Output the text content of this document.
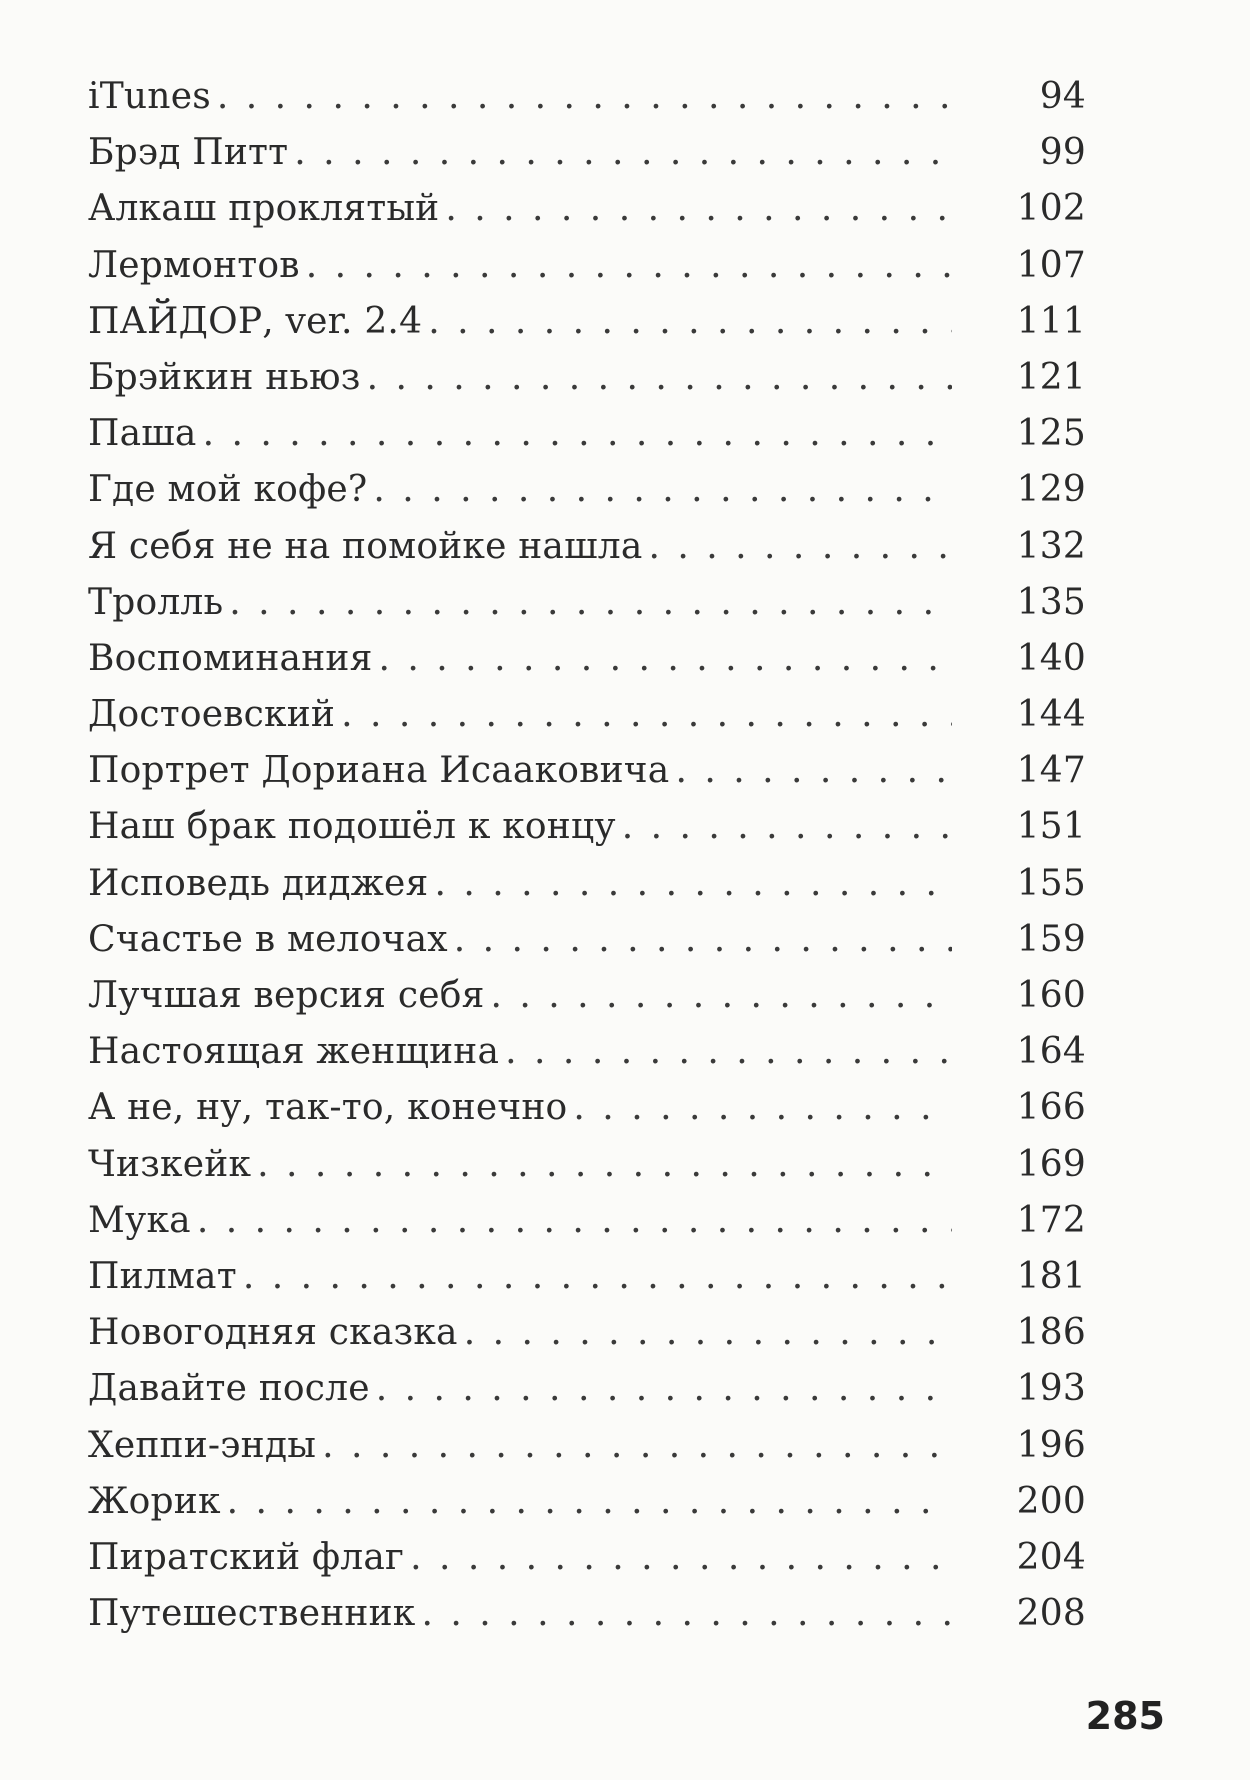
iTunes . . .	94
Брэд Питт . . .	99
Алкаш проклятый . . .	102
Лермонтов . . .	107
ПАЙДОР, ver. 2.4 . . .	111
Брэйкин ньюз . . .	121
Паша . . .	125
Где мой кофе? . . .	129
Я себя не на помойке нашла . . .	132
Тролль . . .	135
Воспоминания . . .	140
Достоевский . . .	144
Портрет Дориана Исааковича . . .	147
Наш брак подошёл к концу . . .	151
Исповедь диджея . . .	155
Счастье в мелочах . . .	159
Лучшая версия себя . . .	160
Настоящая женщина . . .	164
А не, ну, так-то, конечно . . .	166
Чизкейк . . .	169
Мука . . .	172
Пилмат . . .	181
Новогодняя сказка . . .	186
Давайте после . . .	193
Хеппи-энды . . .	196
Жорик . . .	200
Пиратский флаг . . .	204
Путешественник . . .	208
285
